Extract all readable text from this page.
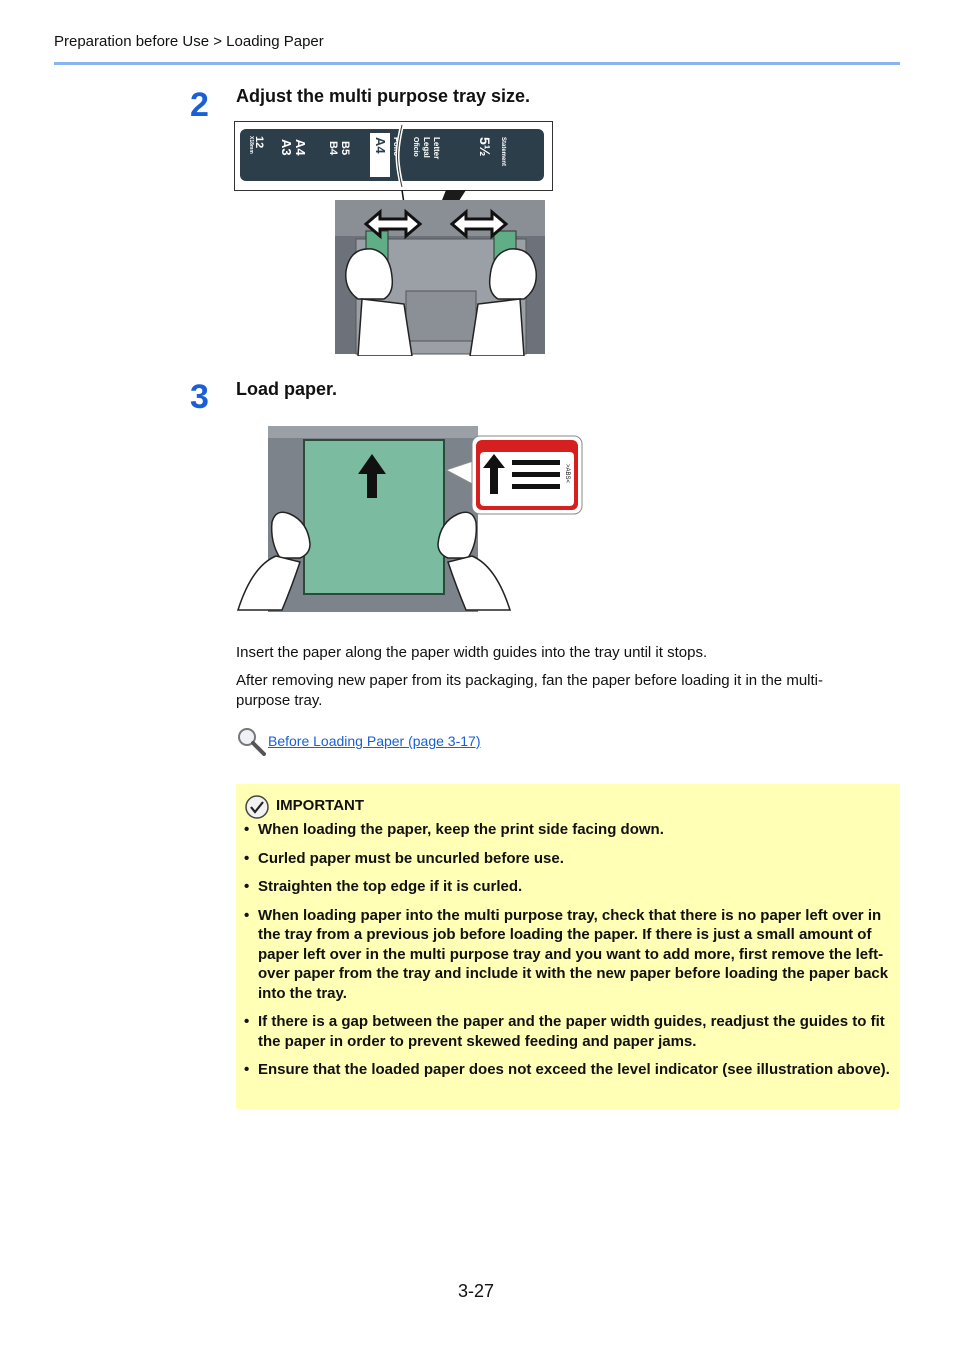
Preparation before Use > Loading Paper
2 Adjust the multi purpose tray size.
12
X18mm	A4
A3	B5
B4	A4 Folio	Letter
Legal
Oficio	5½ Statement
3 Load paper.
>ABS<
Insert the paper along the paper width guides into the tray until it stops.
After removing new paper from its packaging, fan the paper before loading it in the multi-purpose tray.
Before Loading Paper (page 3-17)
IMPORTANT
• When loading the paper, keep the print side facing down.
• Curled paper must be uncurled before use.
• Straighten the top edge if it is curled.
• When loading paper into the multi purpose tray, check that there is no paper left over in the tray from a previous job before loading the paper. If there is just a small amount of paper left over in the multi purpose tray and you want to add more, first remove the left-over paper from the tray and include it with the new paper before loading the paper back into the tray.
• If there is a gap between the paper and the paper width guides, readjust the guides to fit the paper in order to prevent skewed feeding and paper jams.
• Ensure that the loaded paper does not exceed the level indicator (see illustration above).
3-27
